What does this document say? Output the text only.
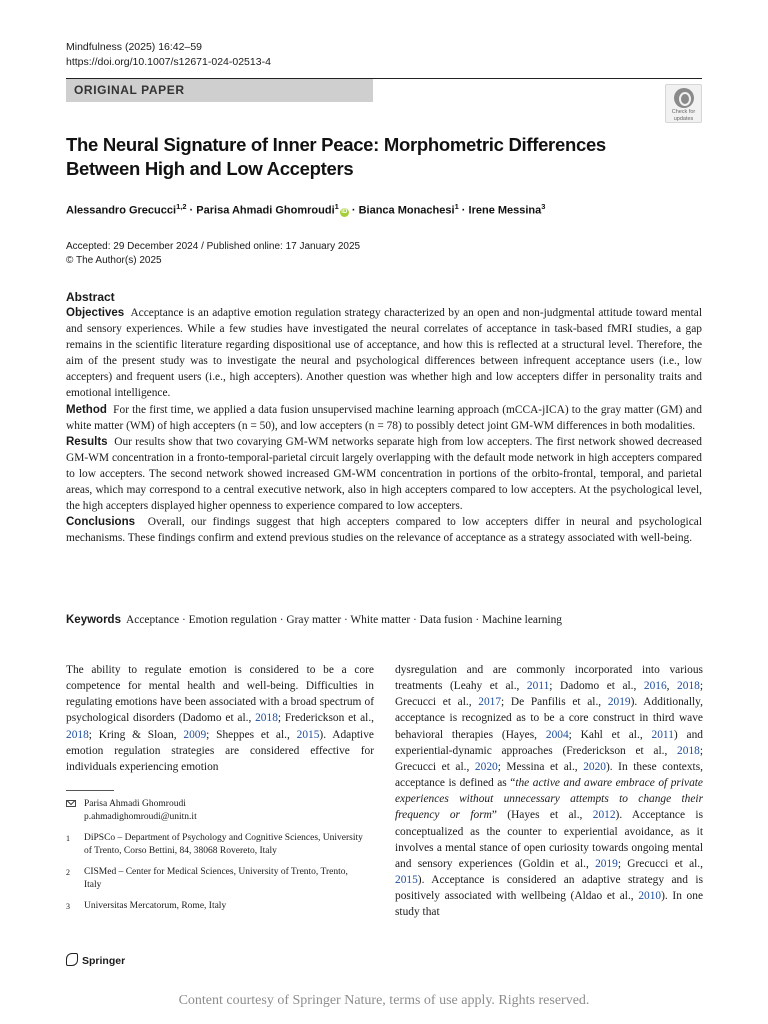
Mindfulness (2025) 16:42–59
https://doi.org/10.1007/s12671-024-02513-4
ORIGINAL PAPER
Check for
updates
The Neural Signature of Inner Peace: Morphometric Differences Between High and Low Accepters
Alessandro Grecucci$^{1,2}$ · Parisa Ahmadi Ghomroudi$^1$iD · Bianca Monachesi$^1$ · Irene Messina$^3$
Accepted: 29 December 2024 / Published online: 17 January 2025
© The Author(s) 2025
Abstract

Objectives Acceptance is an adaptive emotion regulation strategy characterized by an open and non-judgmental attitude toward mental and sensory experiences. While a few studies have investigated the neural correlates of acceptance in task-based fMRI studies, a gap remains in the scientific literature regarding dispositional use of acceptance, and how this is reflected at a structural level. Therefore, the aim of the present study was to investigate the neural and psychological differences between infrequent acceptance users (i.e., low accepters) and frequent users (i.e., high accepters). Another question was whether high and low accepters differ in personality traits and emotional intelligence.

Method For the first time, we applied a data fusion unsupervised machine learning approach (mCCA-jICA) to the gray matter (GM) and white matter (WM) of high accepters (n = 50), and low accepters (n = 78) to possibly detect joint GM-WM differences in both modalities.

Results Our results show that two covarying GM-WM networks separate high from low accepters. The first network showed decreased GM-WM concentration in a fronto-temporal-parietal circuit largely overlapping with the default mode network in high accepters compared to low accepters. The second network showed increased GM-WM concentration in portions of the orbito-frontal, temporal, and parietal areas, which may correspond to a central executive network, also in high accepters compared to low accepters. At the psychological level, the high accepters displayed higher openness to experience compared to low accepters.

Conclusions Overall, our findings suggest that high accepters compared to low accepters differ in neural and psychological mechanisms. These findings confirm and extend previous studies on the relevance of acceptance as a strategy associated with well-being.

Keywords Acceptance · Emotion regulation · Gray matter · White matter · Data fusion · Machine learning

The ability to regulate emotion is considered to be a core competence for mental health and well-being. Difficulties in regulating emotions have been associated with a broad spectrum of psychological disorders (Dadomo et al., 2018; Frederickson et al., 2018; Kring & Sloan, 2009; Sheppes et al., 2015). Adaptive emotion regulation strategies are considered effective for individuals experiencing emotion

dysregulation and are commonly incorporated into various treatments (Leahy et al., 2011; Dadomo et al., 2016, 2018; Grecucci et al., 2017; De Panfilis et al., 2019). Additionally, acceptance is recognized as to be a core construct in third wave behavioral therapies (Hayes, 2004; Kahl et al., 2011) and experiential-dynamic approaches (Frederickson et al., 2018; Grecucci et al., 2020; Messina et al., 2020). In these contexts, acceptance is defined as “the active and aware embrace of private experiences without unnecessary attempts to change their frequency or form” (Hayes et al., 2012). Acceptance is conceptualized as the counter to experiential avoidance, as it involves a mental stance of open curiosity towards ongoing mental and sensory experiences (Goldin et al., 2019; Grecucci et al., 2015). Acceptance is considered an adaptive strategy and is positively associated with wellbeing (Aldao et al., 2010). In one study that

Parisa Ahmadi Ghomroudi
p.ahmadighomroudi@unitn.it
1 DiPSCo – Department of Psychology and Cognitive Sciences, University of Trento, Corso Bettini, 84, 38068 Rovereto, Italy
2 CISMed – Center for Medical Sciences, University of Trento, Trento, Italy
3 Universitas Mercatorum, Rome, Italy
Springer
Content courtesy of Springer Nature, terms of use apply. Rights reserved.
